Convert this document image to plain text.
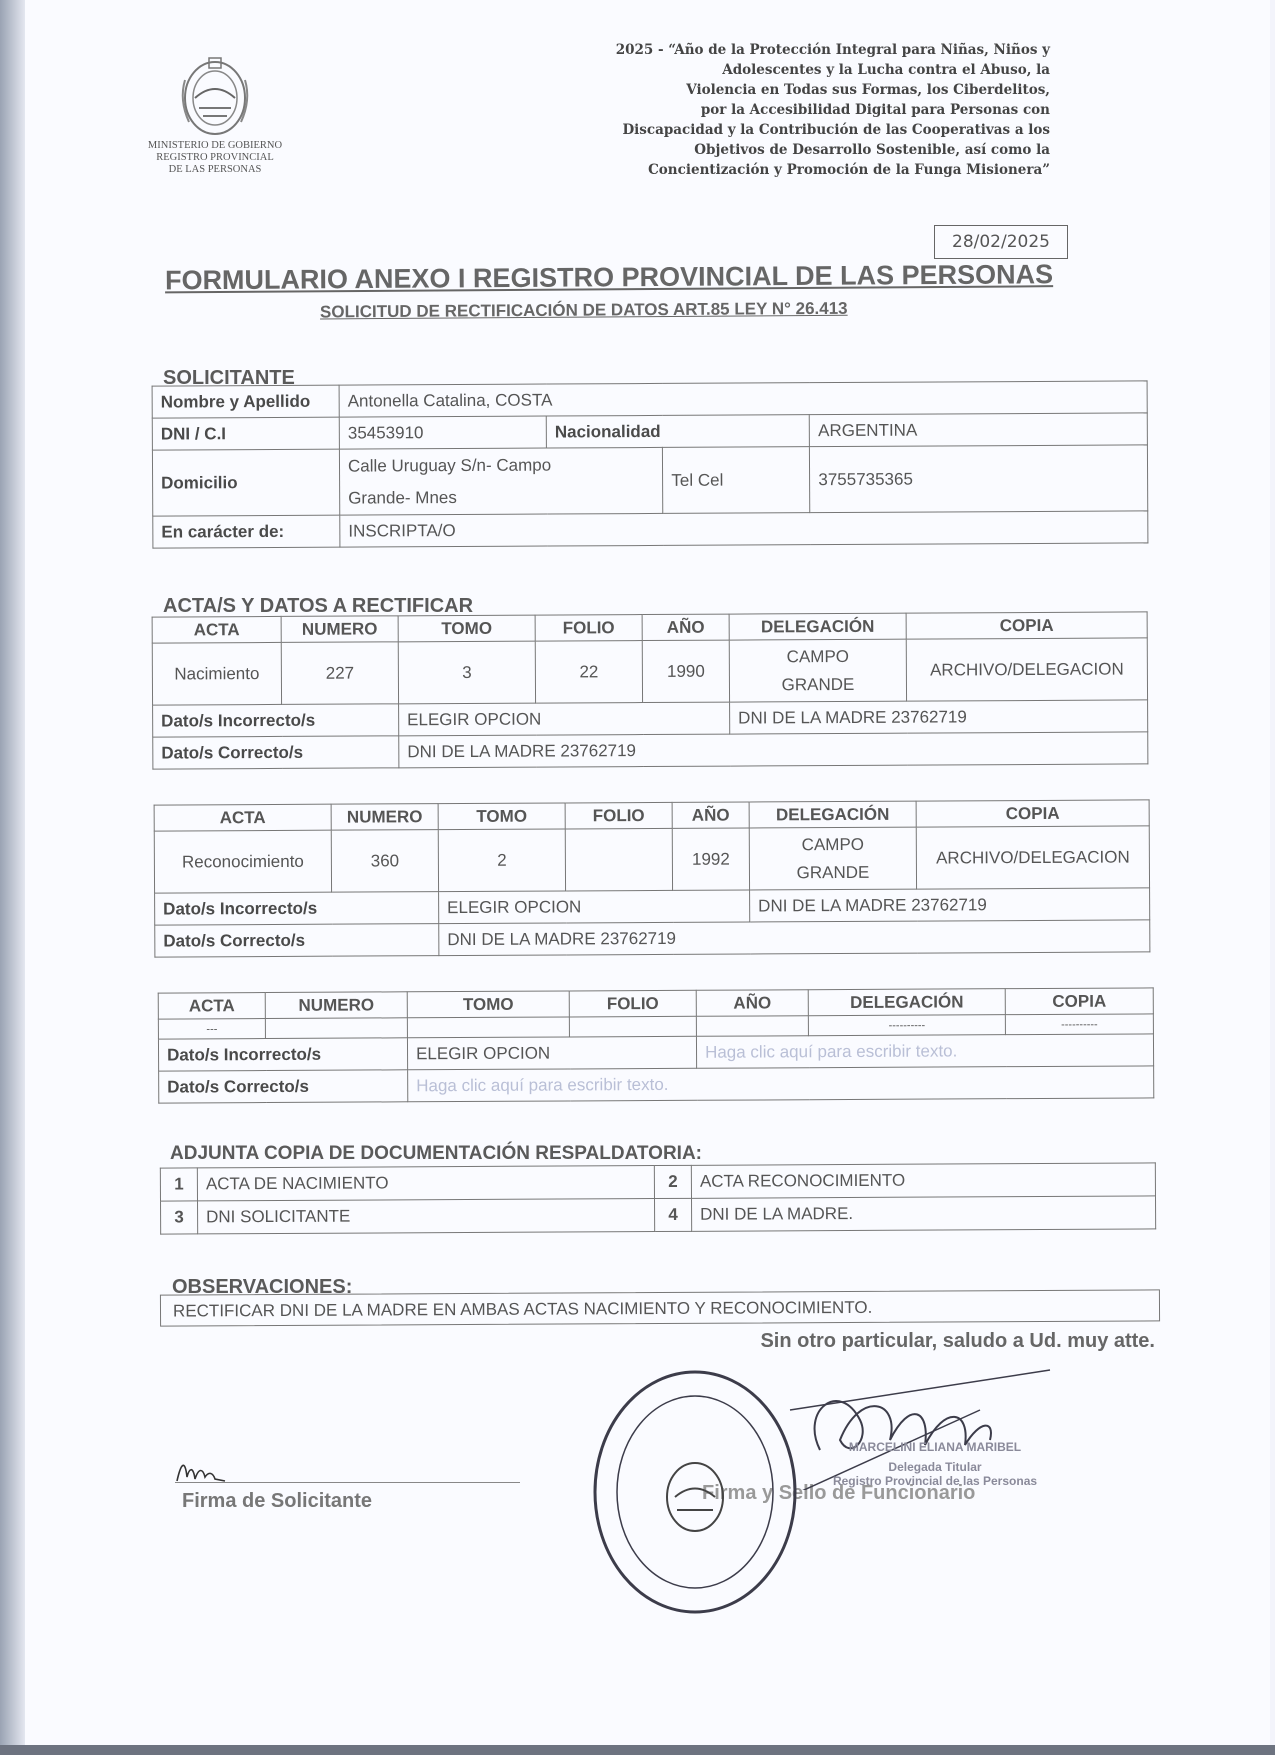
MINISTERIO DE GOBIERNO
REGISTRO PROVINCIAL
DE LAS PERSONAS
2025 - “Año de la Protección Integral para Niñas, Niños y
Adolescentes y la Lucha contra el Abuso, la
Violencia en Todas sus Formas, los Ciberdelitos,
por la Accesibilidad Digital para Personas con
Discapacidad y la Contribución de las Cooperativas a los
Objetivos de Desarrollo Sostenible, así como la
Concientización y Promoción de la Funga Misionera”
28/02/2025
FORMULARIO ANEXO I REGISTRO PROVINCIAL DE LAS PERSONAS
SOLICITUD DE RECTIFICACIÓN DE DATOS ART.85 LEY N° 26.413
SOLICITANTE
Nombre y Apellido	Antonella Catalina, COSTA			
DNI / C.I	35453910	Nacionalidad		ARGENTINA
Domicilio	Calle Uruguay S/n- Campo
Grande- Mnes		Tel Cel	3755735365
En carácter de:	INSCRIPTA/O			
ACTA/S Y DATOS A RECTIFICAR
ACTA	NUMERO	TOMO	FOLIO	AÑO	DELEGACIÓN	COPIA
Nacimiento	227	3	22	1990	CAMPO
GRANDE	ARCHIVO/DELEGACION
Dato/s Incorrecto/s		ELEGIR OPCION			DNI DE LA MADRE 23762719	
Dato/s Correcto/s		DNI DE LA MADRE 23762719				
ACTA	NUMERO	TOMO	FOLIO	AÑO	DELEGACIÓN	COPIA
Reconocimiento	360	2		1992	CAMPO
GRANDE	ARCHIVO/DELEGACION
Dato/s Incorrecto/s		ELEGIR OPCION			DNI DE LA MADRE 23762719	
Dato/s Correcto/s		DNI DE LA MADRE 23762719				
ACTA	NUMERO	TOMO	FOLIO	AÑO	DELEGACIÓN	COPIA
---					----------	----------
Dato/s Incorrecto/s		ELEGIR OPCION		Haga clic aquí para escribir texto.		
Dato/s Correcto/s		Haga clic aquí para escribir texto.				
ADJUNTA COPIA DE DOCUMENTACIÓN RESPALDATORIA:
1	ACTA DE NACIMIENTO	2	ACTA RECONOCIMIENTO
3	DNI SOLICITANTE	4	DNI DE LA MADRE.
OBSERVACIONES:
RECTIFICAR DNI DE LA MADRE EN AMBAS ACTAS NACIMIENTO Y RECONOCIMIENTO.
Sin otro particular, saludo a Ud. muy atte.
Firma de Solicitante	Firma y Sello de Funcionario
MARCELINI ELIANA MARIBEL
Delegada Titular
Registro Provincial de las Personas
